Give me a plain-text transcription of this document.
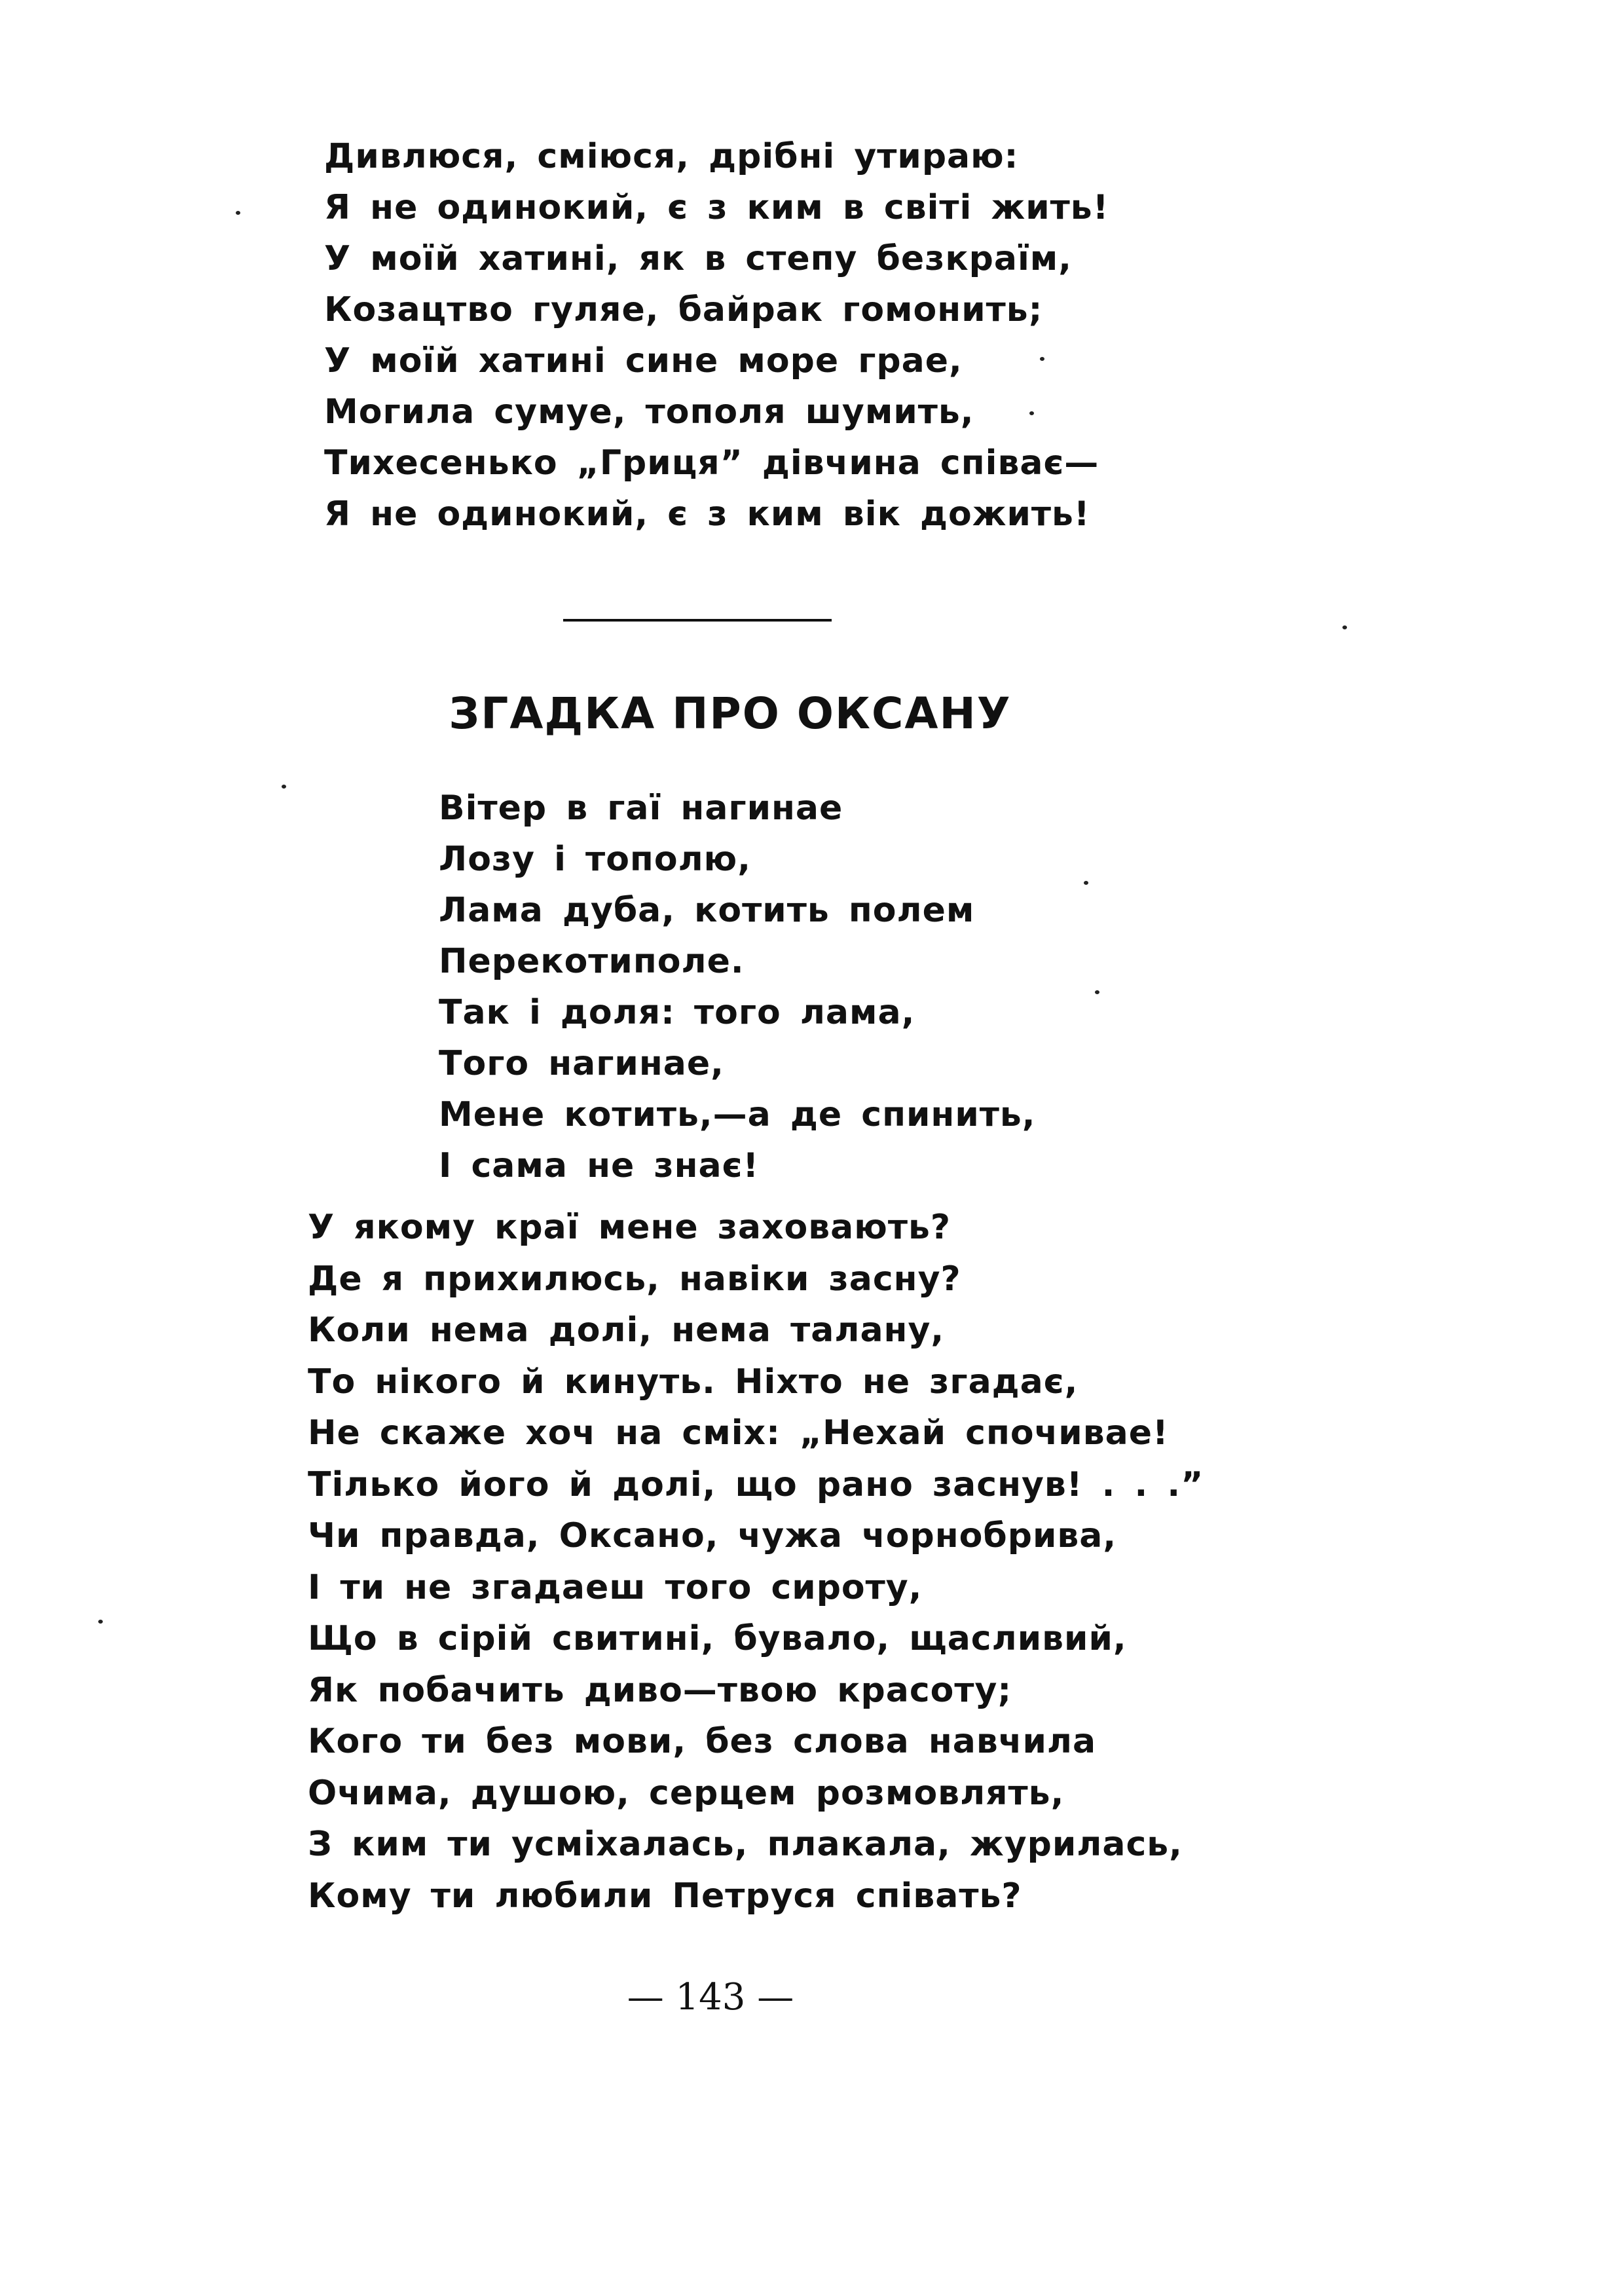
Дивлюся, сміюся, дрібні утираю:
Я не одинокий, є з ким в світі жить!
У моїй хатині, як в степу безкраїм,
Козацтво гуляе, байрак гомонить;
У моїй хатині сине море грае,
Могила сумуе, тополя шумить,
Тихесенько „Гриця” дівчина співає—
Я не одинокий, є з ким вік дожить!
ЗГАДКА ПРО ОКСАНУ
Вітер в гаї нагинае
Лозу і тополю,
Лама дуба, котить полем
Перекотиполе.
Так і доля: того лама,
Того нагинае,
Мене котить,—а де спинить,
І сама не знає!
У якому краї мене заховають?
Де я прихилюсь, навіки засну?
Коли нема долі, нема талану,
То нікого й кинуть. Ніхто не згадає,
Не скаже хоч на сміх: „Нехай спочивае!
Тілько його й долі, що рано заснув! . . .”
Чи правда, Оксано, чужа чорнобрива,
І ти не згадаеш того сироту,
Що в сірій свитині, бувало, щасливий,
Як побачить диво—твою красоту;
Кого ти без мови, без слова навчила
Очима, душою, серцем розмовлять,
З ким ти усміхалась, плакала, журилась,
Кому ти любили Петруся співать?
— 143 —
